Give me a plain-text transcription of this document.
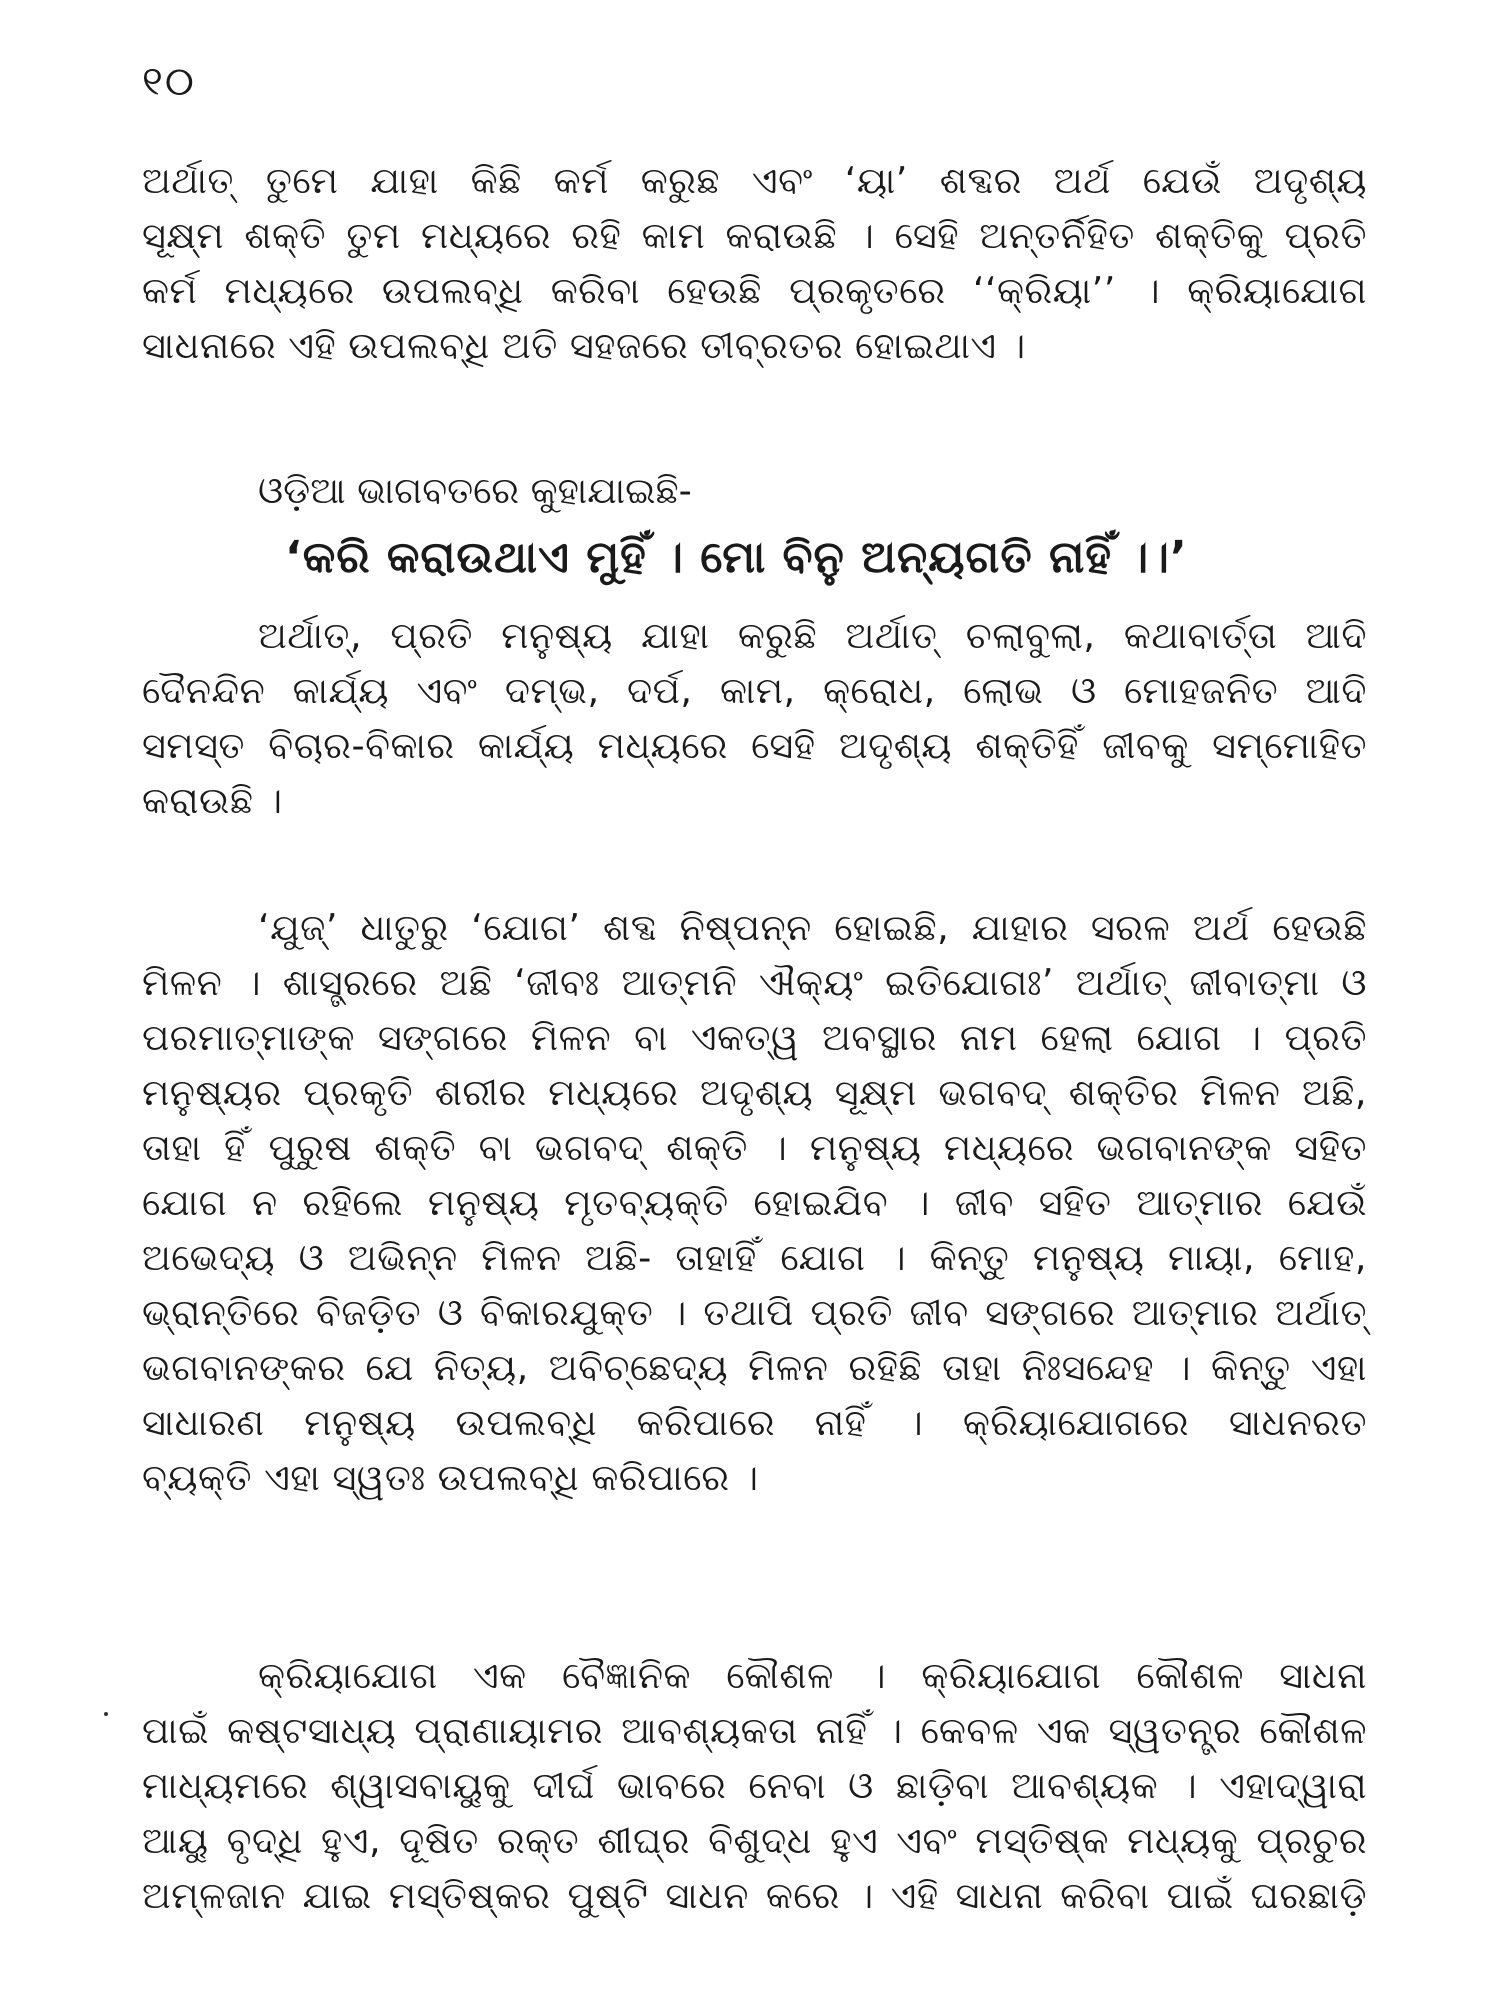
୧୦
ଅର୍ଥାତ୍ ତୁମେ ଯାହା କିଛି କର୍ମ କରୁଛ ଏବଂ ‘ୟା’ ଶବ୍ଦର ଅର୍ଥ ଯେଉଁ ଅଦୃଶ୍ୟ
ସୂକ୍ଷ୍ମ ଶକ୍ତି ତୁମ ମଧ୍ୟରେ ରହି କାମ କରାଉଛି । ସେହି ଅନ୍ତର୍ନିହିତ ଶକ୍ତିକୁ ପ୍ରତି
କର୍ମ ମଧ୍ୟରେ ଉପଲବ୍ଧି କରିବା ହେଉଛି ପ୍ରକୃତରେ ‘‘କ୍ରିୟା’’ । କ୍ରିୟାଯୋଗ
ସାଧନାରେ ଏହି ଉପଲବ୍ଧି ଅତି ସହଜରେ ତୀବ୍ରତର ହୋଇଥାଏ ।
ଓଡ଼ିଆ ଭାଗବତରେ କୁହାଯାଇଛି-
‘କରି କରାଉଥାଏ ମୁହିଁ । ମୋ ବିନୁ ଅନ୍ୟଗତି ନାହିଁ ।।’
ଅର୍ଥାତ୍, ପ୍ରତି ମନୁଷ୍ୟ ଯାହା କରୁଛି ଅର୍ଥାତ୍ ଚଲାବୁଲା, କଥାବାର୍ତ୍ତା ଆଦି
ଦୈନନ୍ଦିନ କାର୍ଯ୍ୟ ଏବଂ ଦମ୍ଭ, ଦର୍ପ, କାମ, କ୍ରୋଧ, ଲୋଭ ଓ ମୋହଜନିତ ଆଦି
ସମସ୍ତ ବିଚାର-ବିକାର କାର୍ଯ୍ୟ ମଧ୍ୟରେ ସେହି ଅଦୃଶ୍ୟ ଶକ୍ତିହିଁ ଜୀବକୁ ସମ୍ମୋହିତ
କରାଉଛି ।
‘ଯୁଜ୍’ ଧାତୁରୁ ‘ଯୋଗ’ ଶବ୍ଦ ନିଷ୍ପନ୍ନ ହୋଇଛି, ଯାହାର ସରଳ ଅର୍ଥ ହେଉଛି
ମିଳନ । ଶାସ୍ତ୍ରରେ ଅଛି ‘ଜୀବଃ ଆତ୍ମନି ଐକ୍ୟଂ ଇତିଯୋଗଃ’ ଅର୍ଥାତ୍ ଜୀବାତ୍ମା ଓ
ପରମାତ୍ମାଙ୍କ ସଙ୍ଗରେ ମିଳନ ବା ଏକତ୍ୱ ଅବସ୍ଥାର ନାମ ହେଲା ଯୋଗ । ପ୍ରତି
ମନୁଷ୍ୟର ପ୍ରକୃତି ଶରୀର ମଧ୍ୟରେ ଅଦୃଶ୍ୟ ସୂକ୍ଷ୍ମ ଭଗବଦ୍ ଶକ୍ତିର ମିଳନ ଅଛି,
ତାହା ହିଁ ପୁରୁଷ ଶକ୍ତି ବା ଭଗବଦ୍ ଶକ୍ତି । ମନୁଷ୍ୟ ମଧ୍ୟରେ ଭଗବାନଙ୍କ ସହିତ
ଯୋଗ ନ ରହିଲେ ମନୁଷ୍ୟ ମୃତବ୍ୟକ୍ତି ହୋଇଯିବ । ଜୀବ ସହିତ ଆତ୍ମାର ଯେଉଁ
ଅଭେଦ୍ୟ ଓ ଅଭିନ୍ନ ମିଳନ ଅଛି- ତାହାହିଁ ଯୋଗ । କିନ୍ତୁ ମନୁଷ୍ୟ ମାୟା, ମୋହ,
ଭ୍ରାନ୍ତିରେ ବିଜଡ଼ିତ ଓ ବିକାରଯୁକ୍ତ । ତଥାପି ପ୍ରତି ଜୀବ ସଙ୍ଗରେ ଆତ୍ମାର ଅର୍ଥାତ୍
ଭଗବାନଙ୍କର ଯେ ନିତ୍ୟ, ଅବିଚ୍ଛେଦ୍ୟ ମିଳନ ରହିଛି ତାହା ନିଃସନ୍ଦେହ । କିନ୍ତୁ ଏହା
ସାଧାରଣ ମନୁଷ୍ୟ ଉପଲବ୍ଧି କରିପାରେ ନାହିଁ । କ୍ରିୟାଯୋଗରେ ସାଧନରତ
ବ୍ୟକ୍ତି ଏହା ସ୍ୱତଃ ଉପଲବ୍ଧି କରିପାରେ ।
କ୍ରିୟାଯୋଗ ଏକ ବୈଜ୍ଞାନିକ କୌଶଳ । କ୍ରିୟାଯୋଗ କୌଶଳ ସାଧନା
ପାଇଁ କଷ୍ଟସାଧ୍ୟ ପ୍ରାଣାୟାମର ଆବଶ୍ୟକତା ନାହିଁ । କେବଳ ଏକ ସ୍ୱତନ୍ତ୍ର କୌଶଳ
ମାଧ୍ୟମରେ ଶ୍ୱାସବାୟୁକୁ ଦୀର୍ଘ ଭାବରେ ନେବା ଓ ଛାଡ଼ିବା ଆବଶ୍ୟକ । ଏହାଦ୍ୱାରା
ଆୟୁ ବୃଦ୍ଧି ହୁଏ, ଦୂଷିତ ରକ୍ତ ଶୀଘ୍ର ବିଶୁଦ୍ଧ ହୁଏ ଏବଂ ମସ୍ତିଷ୍କ ମଧ୍ୟକୁ ପ୍ରଚୁର
ଅମ୍ଳଜାନ ଯାଇ ମସ୍ତିଷ୍କର ପୁଷ୍ଟି ସାଧନ କରେ । ଏହି ସାଧନା କରିବା ପାଇଁ ଘରଛାଡ଼ି
